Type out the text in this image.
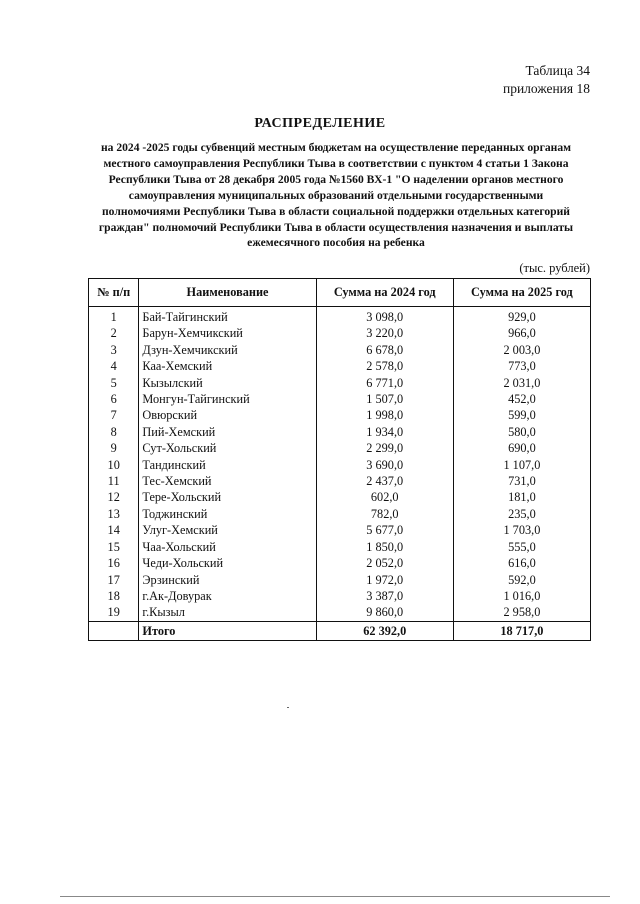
Таблица 34
приложения 18
РАСПРЕДЕЛЕНИЕ
на 2024 -2025 годы субвенций местным бюджетам на осуществление переданных органам
местного самоуправления Республики Тыва в соответствии с пунктом 4 статьи 1 Закона
Республики Тыва от 28 декабря 2005 года №1560 ВХ-1 "О наделении органов местного
самоуправления муниципальных образований отдельными государственными
полномочиями Республики Тыва в области социальной поддержки отдельных категорий
граждан" полномочий Республики Тыва в области осуществления назначения и выплаты
ежемесячного пособия на ребенка
(тыс. рублей)
№ п/п	Наименование	Сумма на 2024 год	Сумма на 2025 год
1	Бай-Тайгинский	3 098,0	929,0
2	Барун-Хемчикский	3 220,0	966,0
3	Дзун-Хемчикский	6 678,0	2 003,0
4	Каа-Хемский	2 578,0	773,0
5	Кызылский	6 771,0	2 031,0
6	Монгун-Тайгинский	1 507,0	452,0
7	Овюрский	1 998,0	599,0
8	Пий-Хемский	1 934,0	580,0
9	Сут-Хольский	2 299,0	690,0
10	Тандинский	3 690,0	1 107,0
11	Тес-Хемский	2 437,0	731,0
12	Тере-Хольский	602,0	181,0
13	Тоджинский	782,0	235,0
14	Улуг-Хемский	5 677,0	1 703,0
15	Чаа-Хольский	1 850,0	555,0
16	Чеди-Хольский	2 052,0	616,0
17	Эрзинский	1 972,0	592,0
18	г.Ак-Довурак	3 387,0	1 016,0
19	г.Кызыл	9 860,0	2 958,0
	Итого	62 392,0	18 717,0
